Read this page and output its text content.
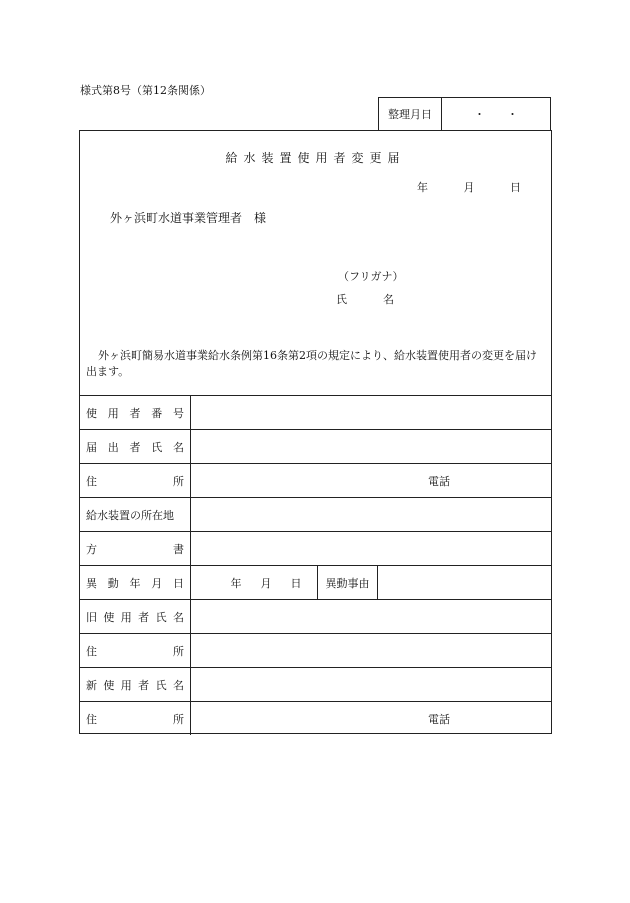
様式第8号（第12条関係）
整理月日	・　　・
給水装置使用者変更届
年	月	日
外ヶ浜町水道事業管理者　様
（フリガナ）
氏	名
外ヶ浜町簡易水道事業給水条例第16条第2項の規定により、給水装置使用者の変更を届け出ます。
使 用 者 番 号
届 出 者 氏 名
住	所	電話
給水装置の所在地
方	書
異 動 年 月 日	年 月 日	異動事由
旧 使 用 者 氏 名
住	所
新 使 用 者 氏 名
住	所	電話
